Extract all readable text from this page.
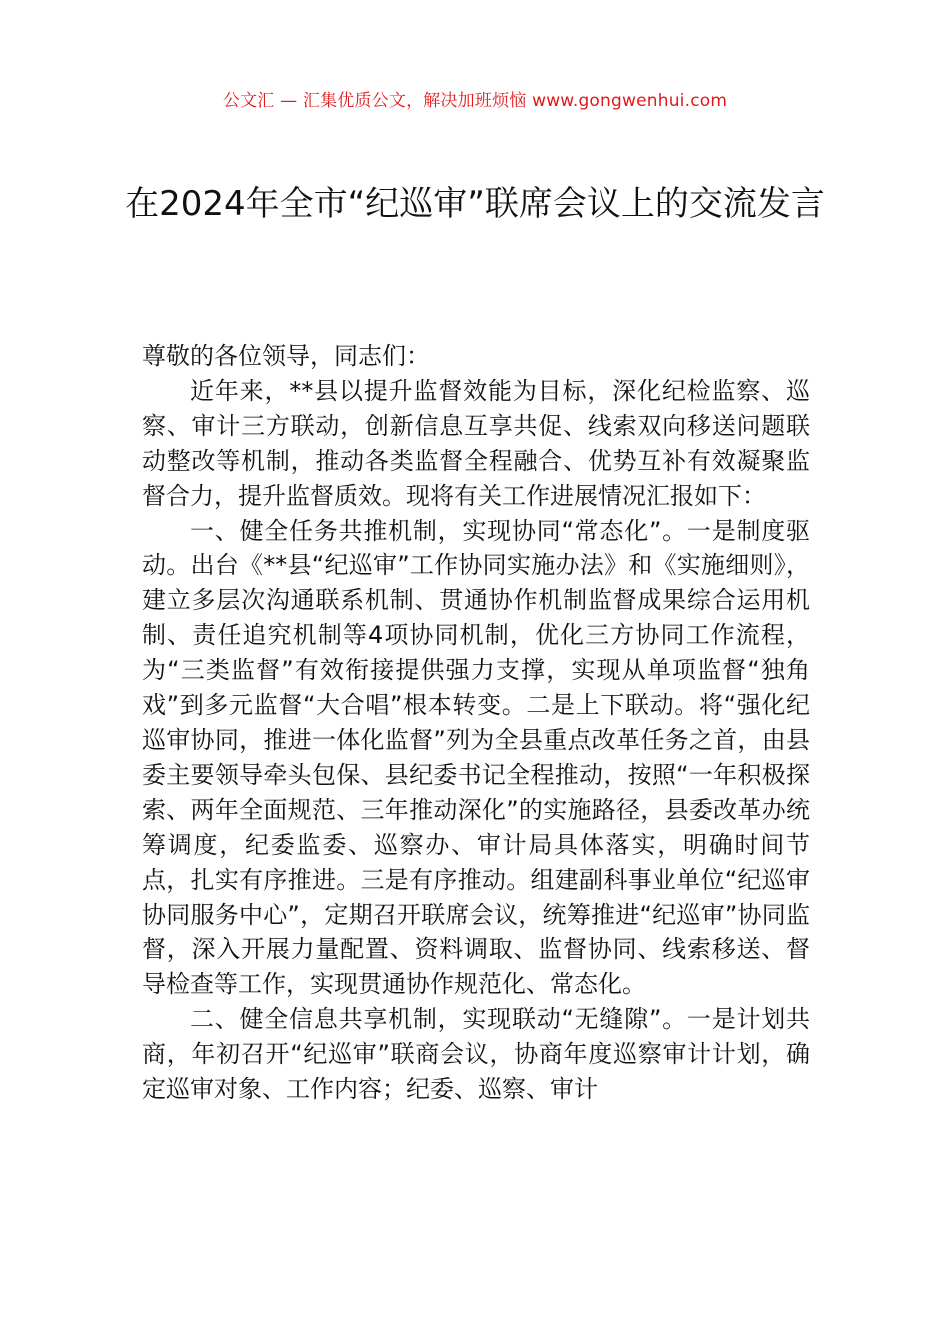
公文汇 — 汇集优质公文，解决加班烦恼 www.gongwenhui.com
在2024年全市“纪巡审”联席会议上的交流发言

尊敬的各位领导，同志们：

近年来，**县以提升监督效能为目标，深化纪检监察、巡察、审计三方联动，创新信息互享共促、线索双向移送问题联动整改等机制，推动各类监督全程融合、优势互补有效凝聚监督合力，提升监督质效。现将有关工作进展情况汇报如下：

一、健全任务共推机制，实现协同“常态化”。一是制度驱动。出台《**县“纪巡审”工作协同实施办法》和《实施细则》，建立多层次沟通联系机制、贯通协作机制监督成果综合运用机制、责任追究机制等4项协同机制，优化三方协同工作流程，为“三类监督”有效衔接提供强力支撑，实现从单项监督“独角戏”到多元监督“大合唱”根本转变。二是上下联动。将“强化纪巡审协同，推进一体化监督”列为全县重点改革任务之首，由县委主要领导牵头包保、县纪委书记全程推动，按照“一年积极探索、两年全面规范、三年推动深化”的实施路径，县委改革办统筹调度，纪委监委、巡察办、审计局具体落实，明确时间节点，扎实有序推进。三是有序推动。组建副科事业单位“纪巡审协同服务中心”，定期召开联席会议，统筹推进“纪巡审”协同监督，深入开展力量配置、资料调取、监督协同、线索移送、督导检查等工作，实现贯通协作规范化、常态化。

二、健全信息共享机制，实现联动“无缝隙”。一是计划共商，年初召开“纪巡审”联商会议，协商年度巡察审计计划，确定巡审对象、工作内容；纪委、巡察、审计
